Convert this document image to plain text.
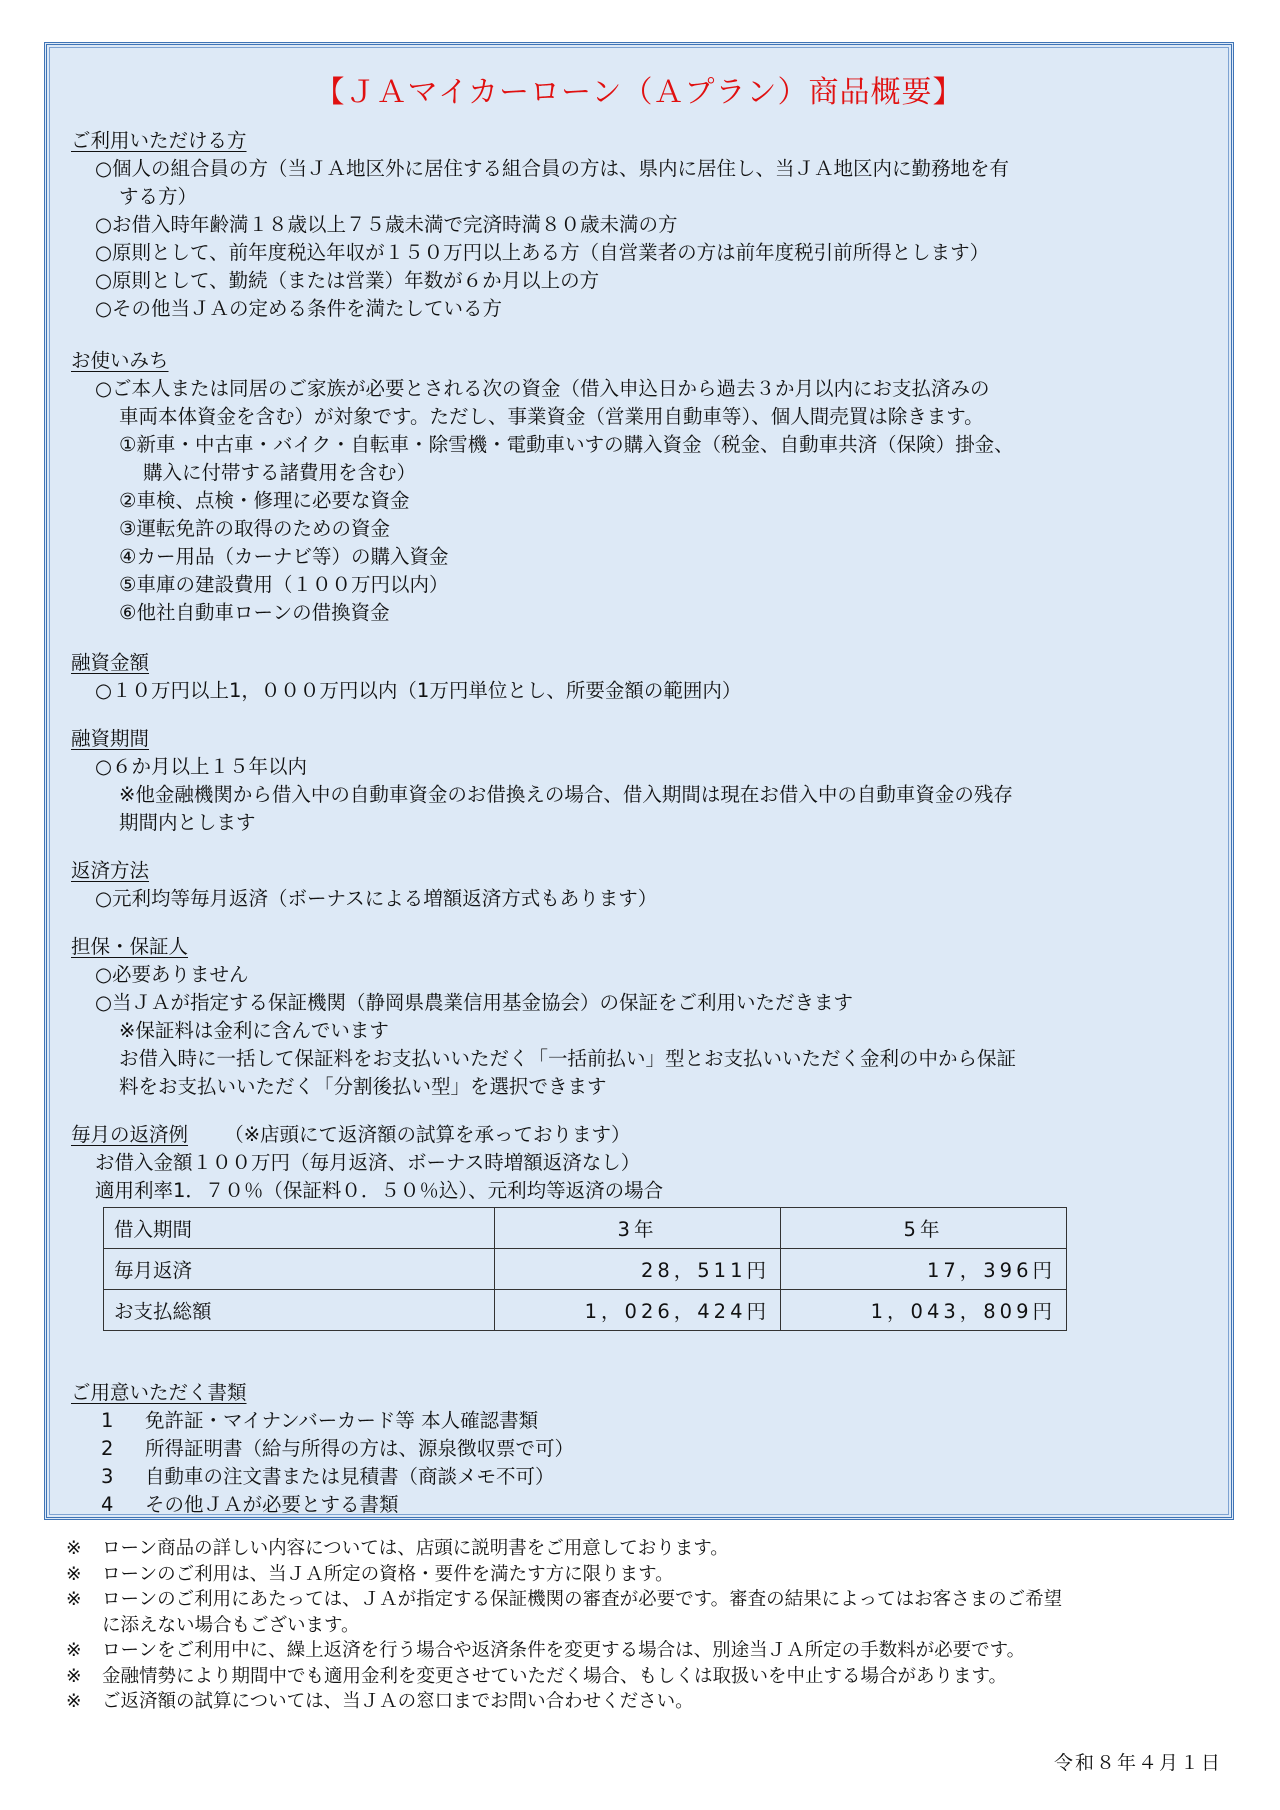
【ＪＡマイカーローン（Ａプラン）商品概要】
ご利用いただける方
○個人の組合員の方（当ＪＡ地区外に居住する組合員の方は、県内に居住し、当ＪＡ地区内に勤務地を有
する方）
○お借入時年齢満１８歳以上７５歳未満で完済時満８０歳未満の方
○原則として、前年度税込年収が１５０万円以上ある方（自営業者の方は前年度税引前所得とします）
○原則として、勤続（または営業）年数が６か月以上の方
○その他当ＪＡの定める条件を満たしている方
お使いみち
○ご本人または同居のご家族が必要とされる次の資金（借入申込日から過去３か月以内にお支払済みの
車両本体資金を含む）が対象です。ただし、事業資金（営業用自動車等）、個人間売買は除きます。
①新車・中古車・バイク・自転車・除雪機・電動車いすの購入資金（税金、自動車共済（保険）掛金、
購入に付帯する諸費用を含む）
②車検、点検・修理に必要な資金
③運転免許の取得のための資金
④カー用品（カーナビ等）の購入資金
⑤車庫の建設費用（１００万円以内）
⑥他社自動車ローンの借換資金
融資金額
○１０万円以上1，０００万円以内（1万円単位とし、所要金額の範囲内）
融資期間
○６か月以上１５年以内
※他金融機関から借入中の自動車資金のお借換えの場合、借入期間は現在お借入中の自動車資金の残存
期間内とします
返済方法
○元利均等毎月返済（ボーナスによる増額返済方式もあります）
担保・保証人
○必要ありません
○当ＪＡが指定する保証機関（静岡県農業信用基金協会）の保証をご利用いただきます
※保証料は金利に含んでいます
お借入時に一括して保証料をお支払いいただく「一括前払い」型とお支払いいただく金利の中から保証
料をお支払いいただく「分割後払い型」を選択できます
毎月の返済例 （※店頭にて返済額の試算を承っております）
お借入金額１００万円（毎月返済、ボーナス時増額返済なし）
適用利率1．７０％（保証料０．５０％込）、元利均等返済の場合
借入期間	3年	5年
毎月返済	28，511円	17，396円
お支払総額	1，026，424円	1，043，809円
ご用意いただく書類
1 免許証・マイナンバーカード等 本人確認書類
2 所得証明書（給与所得の方は、源泉徴収票で可）
3 自動車の注文書または見積書（商談メモ不可）
4 その他ＪＡが必要とする書類
※	ローン商品の詳しい内容については、店頭に説明書をご用意しております。
※	ローンのご利用は、当ＪＡ所定の資格・要件を満たす方に限ります。
※	ローンのご利用にあたっては、ＪＡが指定する保証機関の審査が必要です。審査の結果によってはお客さまのご希望
に添えない場合もございます。
※	ローンをご利用中に、繰上返済を行う場合や返済条件を変更する場合は、別途当ＪＡ所定の手数料が必要です。
※	金融情勢により期間中でも適用金利を変更させていただく場合、もしくは取扱いを中止する場合があります。
※	ご返済額の試算については、当ＪＡの窓口までお問い合わせください。
令和８年４月１日
